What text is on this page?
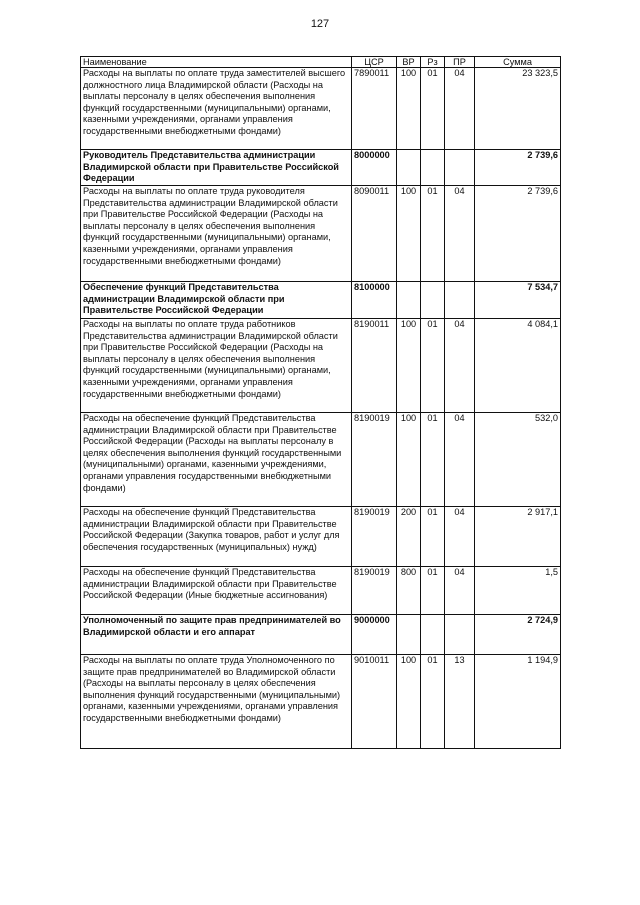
127
Наименование	ЦСР	ВР	Рз	ПР	Сумма
Расходы на выплаты по оплате труда заместителей высшего должностного лица Владимирской области (Расходы на выплаты персоналу в целях обеспечения выполнения функций государственными (муниципальными) органами, казенными учреждениями, органами управления государственными внебюджетными фондами)	7890011	100	01	04	23 323,5
Руководитель Представительства администрации Владимирской области при Правительстве Российской Федерации	8000000				2 739,6
Расходы на выплаты по оплате труда руководителя Представительства администрации Владимирской области при Правительстве Российской Федерации (Расходы на выплаты персоналу в целях обеспечения выполнения функций государственными (муниципальными) органами, казенными учреждениями, органами управления государственными внебюджетными фондами)	8090011	100	01	04	2 739,6
Обеспечение функций Представительства администрации Владимирской области при Правительстве Российской Федерации	8100000				7 534,7
Расходы на выплаты по оплате труда работников Представительства администрации Владимирской области при Правительстве Российской Федерации (Расходы на выплаты персоналу в целях обеспечения выполнения функций государственными (муниципальными) органами, казенными учреждениями, органами управления государственными внебюджетными фондами)	8190011	100	01	04	4 084,1
Расходы на обеспечение функций Представительства администрации Владимирской области при Правительстве Российской Федерации (Расходы на выплаты персоналу в целях обеспечения выполнения функций государственными (муниципальными) органами, казенными учреждениями, органами управления государственными внебюджетными фондами)	8190019	100	01	04	532,0
Расходы на обеспечение функций Представительства администрации Владимирской области при Правительстве Российской Федерации (Закупка товаров, работ и услуг для обеспечения государственных (муниципальных) нужд)	8190019	200	01	04	2 917,1
Расходы на обеспечение функций Представительства администрации Владимирской области при Правительстве Российской Федерации (Иные бюджетные ассигнования)	8190019	800	01	04	1,5
Уполномоченный по защите прав предпринимателей во Владимирской области и его аппарат	9000000				2 724,9
Расходы на выплаты по оплате труда Уполномоченного по защите прав предпринимателей во Владимирской области (Расходы на выплаты персоналу в целях обеспечения выполнения функций государственными (муниципальными) органами, казенными учреждениями, органами управления государственными внебюджетными фондами)	9010011	100	01	13	1 194,9
